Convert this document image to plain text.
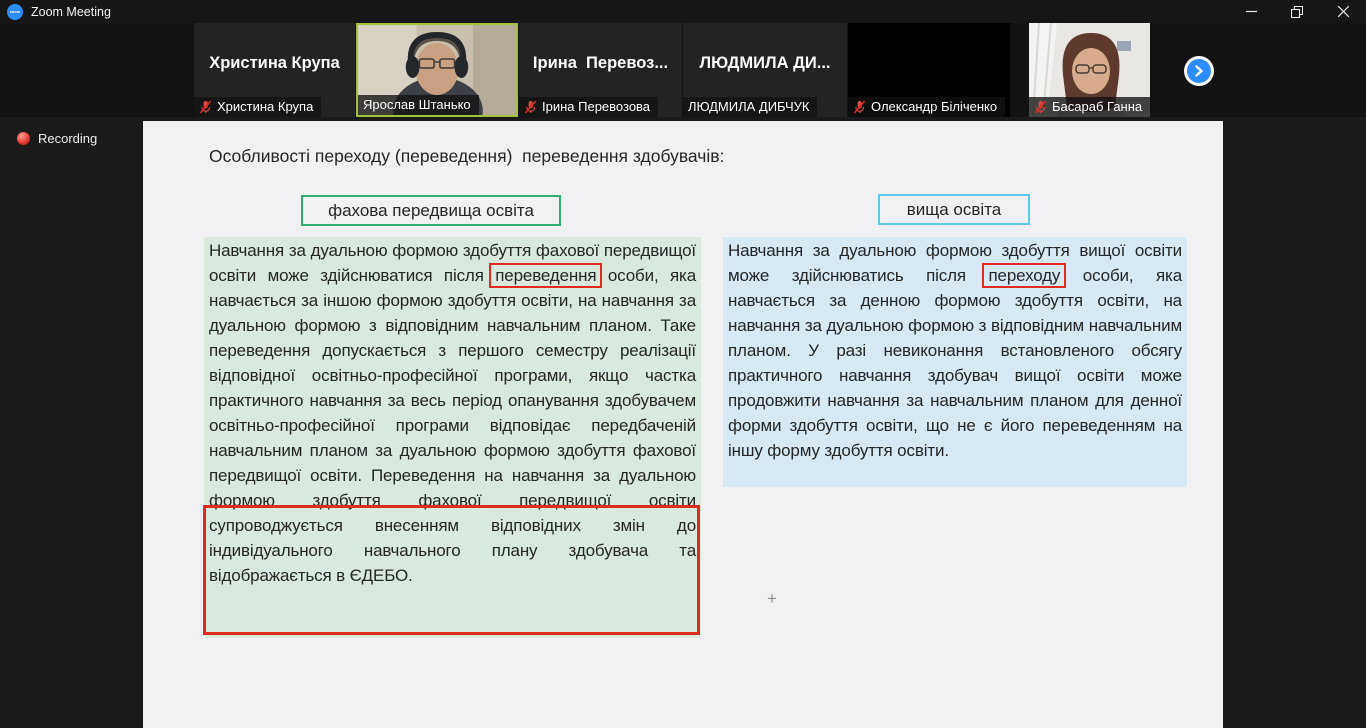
zoom Zoom Meeting
Христина Крупа
Христина Крупа	Ярослав Штанько
Ірина  Перевоз...
Ірина Перевозова
ЛЮДМИЛА ДИ...
ЛЮДМИЛА ДИБЧУК	Олександр Біліченко	Басараб Ганна
Recording
Особливості переходу (переведення)  переведення здобувачів:
фахова передвища освіта	вища освіта
Навчання за дуальною формою здобуття фахової передвищої освіти може здійснюватися після переведення особи, яка навчається за іншою формою здобуття освіти, на навчання за дуальною формою з відповідним навчальним планом. Таке переведення допускається з першого семестру реалізації відповідної освітньо-професійної програми, якщо частка практичного навчання за весь період опанування здобувачем освітньо-професійної програми відповідає передбаченій навчальним планом за дуальною формою здобуття фахової передвищої освіти. Переведення на навчання за дуальною формою здобуття фахової передвищої освіти супроводжується внесенням відповідних змін до індивідуального навчального плану здобувача та відображається в ЄДЕБО.
Навчання за дуальною формою здобуття вищої освіти може здійснюватись після переходу особи, яка навчається за денною формою здобуття освіти, на навчання за дуальною формою з відповідним навчальним планом. У разі невиконання встановленого обсягу практичного навчання здобувач вищої освіти може продовжити навчання за навчальним планом для денної форми здобуття освіти, що не є його переведенням на іншу форму здобуття освіти.
+
